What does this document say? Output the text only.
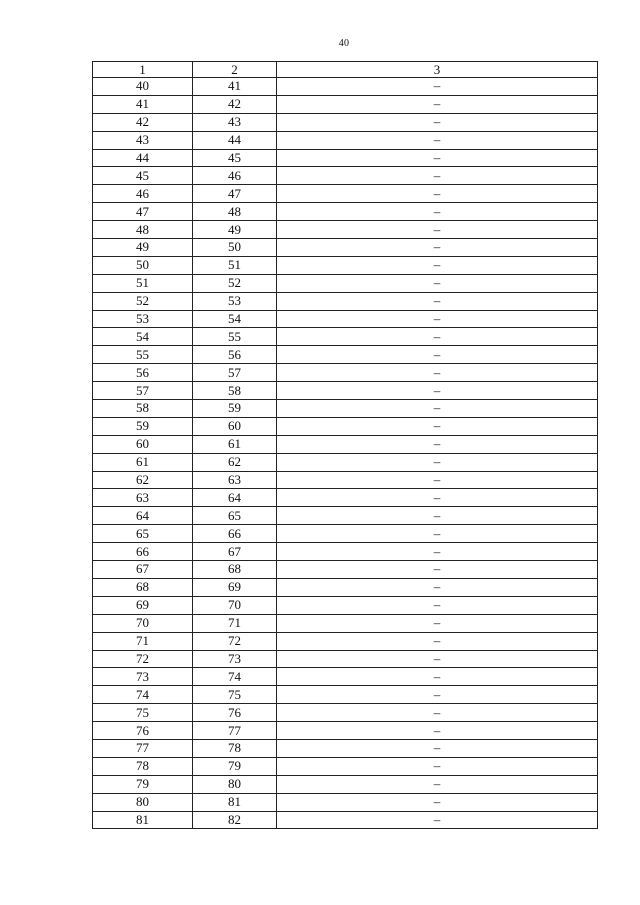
40
1	2	3
40	41	–
41	42	–
42	43	–
43	44	–
44	45	–
45	46	–
46	47	–
47	48	–
48	49	–
49	50	–
50	51	–
51	52	–
52	53	–
53	54	–
54	55	–
55	56	–
56	57	–
57	58	–
58	59	–
59	60	–
60	61	–
61	62	–
62	63	–
63	64	–
64	65	–
65	66	–
66	67	–
67	68	–
68	69	–
69	70	–
70	71	–
71	72	–
72	73	–
73	74	–
74	75	–
75	76	–
76	77	–
77	78	–
78	79	–
79	80	–
80	81	–
81	82	–
